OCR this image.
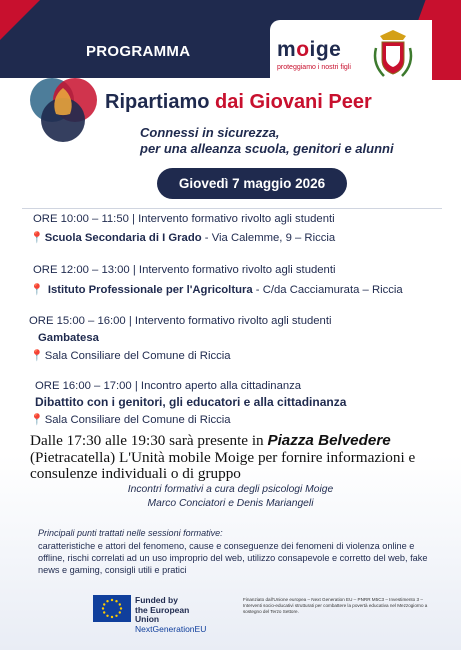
PROGRAMMA	moige
proteggiamo i nostri figli
Ripartiamo dai Giovani Peer
Connessi in sicurezza,
per una alleanza scuola, genitori e alunni
Giovedì 7 maggio 2026
ORE 10:00 – 11:50 | Intervento formativo rivolto agli studenti
📍Scuola Secondaria di I Grado - Via Calemme, 9 – Riccia
ORE 12:00 – 13:00 | Intervento formativo rivolto agli studenti
📍 Istituto Professionale per l'Agricoltura - C/da Cacciamurata – Riccia
ORE 15:00 – 16:00 | Intervento formativo rivolto agli studenti
Gambatesa
📍Sala Consiliare del Comune di Riccia
ORE 16:00 – 17:00 | Incontro aperto alla cittadinanza
Dibattito con i genitori, gli educatori e alla cittadinanza
📍Sala Consiliare del Comune di Riccia
Dalle 17:30 alle 19:30 sarà presente in Piazza Belvedere (Pietracatella) L'Unità mobile Moige per fornire informazioni e consulenze individuali o di gruppo
Incontri formativi a cura degli psicologi Moige
Marco Conciatori e Denis Mariangeli
Principali punti trattati nelle sessioni formative:
caratteristiche e attori del fenomeno, cause e conseguenze dei fenomeni di violenza online e offline, rischi correlati ad un uso improprio del web, utilizzo consapevole e corretto del web, fake news e gaming, consigli utili e pratici
Funded by
the European Union
NextGenerationEU
Finanziato dall'Unione europea – Next Generation EU – PNRR M5C3 – Investimento 3 – Interventi socio-educativi strutturati per combattere la povertà educativa nel Mezzogiorno a sostegno del Terzo Settore.
